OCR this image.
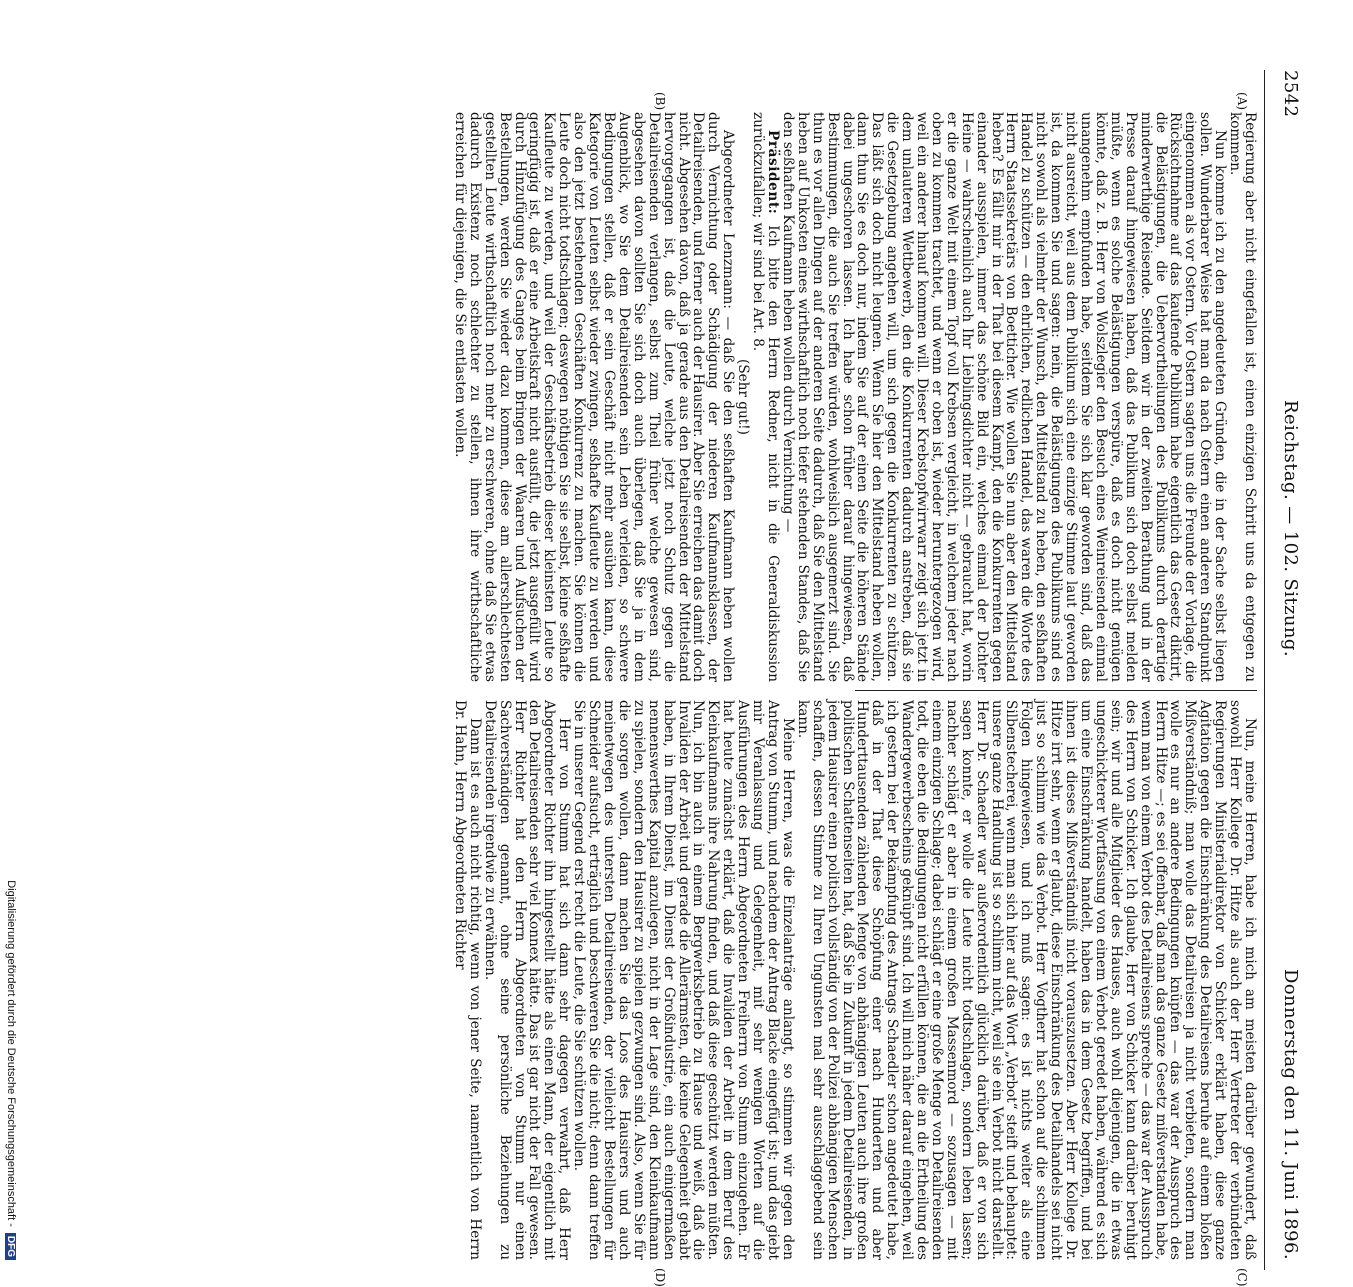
2542
Reichstag. — 102. Sitzung.
Donnerstag den 11. Juni 1896.
(A)
(B)
(C)
(D)

Regierung aber nicht eingefallen ist, einen einzigen Schritt uns da entgegen zu kommen.

Nun komme ich zu den angedeuteten Gründen, die in der Sache selbst liegen sollen. Wunderbarer Weise hat man da nach Ostern einen anderen Standpunkt eingenommen als vor Ostern. Vor Ostern sagten uns die Freunde der Vorlage, die Rücksichtnahme auf das kaufende Publikum habe eigentlich das Gesetz diktirt, die Belästigungen, die Uebervortheilungen des Publikums durch derartige minderwerthige Reisende. Seitdem wir in der zweiten Berathung und in der Presse darauf hingewiesen haben, daß das Publikum sich doch selbst melden müßte, wenn es solche Belästigungen verspüre, daß es doch nicht genügen könnte, daß z. B. Herr von Wolszlegier den Besuch eines Weinreisenden einmal unangenehm empfunden habe, seitdem Sie sich klar geworden sind, daß das nicht ausreicht, weil aus dem Publikum sich eine einzige Stimme laut geworden ist, da kommen Sie und sagen: nein, die Belästigungen des Publikums sind es nicht sowohl als vielmehr der Wunsch, den Mittelstand zu heben, den seßhaften Handel zu schützen — den ehrlichen, redlichen Handel, das waren die Worte des Herrn Staatssekretärs von Boetticher. Wie wollen Sie nun aber den Mittelstand heben? Es fällt mir in der That bei diesem Kampf, den die Konkurrenten gegen einander ausspielen, immer das schöne Bild ein, welches einmal der Dichter Heine — wahrscheinlich auch Ihr Lieblingsdichter nicht — gebraucht hat, worin er die ganze Welt mit einem Topf voll Krebsen vergleicht, in welchem jeder nach oben zu kommen trachtet, und wenn er oben ist, wieder heruntergezogen wird, weil ein anderer hinauf kommen will. Dieser Krebstopfwirrwarr zeigt sich jetzt in dem unlauteren Wettbewerb, den die Konkurrenten dadurch anstreben, daß sie die Gesetzgebung angehen will, um sich gegen die Konkurrenten zu schützen. Das läßt sich doch nicht leugnen. Wenn Sie hier den Mittelstand heben wollen, dann thun Sie es doch nur, indem Sie auf der einen Seite die höheren Stände dabei ungeschoren lassen. Ich habe schon früher darauf hingewiesen, daß Bestimmungen, die auch Sie treffen würden, wohlweislich ausgemerzt sind. Sie thun es vor allen Dingen auf der anderen Seite dadurch, daß Sie den Mittelstand heben auf Unkosten eines wirthschaftlich noch tiefer stehenden Standes, daß Sie den seßhaften Kaufmann heben wollen durch Vernichtung —

Präsident: Ich bitte den Herrn Redner, nicht in die Generaldiskussion zurückzufallen; wir sind bei Art. 8.

(Sehr gut!)

Abgeordneter Lenzmann: — daß Sie den seßhaften Kaufmann heben wollen durch Vernichtung oder Schädigung der niederen Kaufmannsklassen, der Detailreisenden, und ferner auch der Hausirer. Aber Sie erreichen das damit doch nicht. Abgesehen davon, daß ja gerade aus den Detailreisenden der Mittelstand hervorgegangen ist, daß die Leute, welche jetzt noch Schutz gegen die Detailreisenden verlangen, selbst zum Theil früher welche gewesen sind, abgesehen davon sollten Sie sich doch auch überlegen, daß Sie ja in dem Augenblick, wo Sie dem Detailreisenden sein Leben verleiden, so schwere Bedingungen stellen, daß er sein Geschäft nicht mehr ausüben kann, diese Kategorie von Leuten selbst wieder zwingen, seßhafte Kaufleute zu werden und also den jetzt bestehenden Geschäften Konkurrenz zu machen. Sie können die Leute doch nicht todtschlagen; deswegen nöthigen Sie sie selbst, kleine seßhafte Kaufleute zu werden, und weil der Geschäftsbetrieb dieser kleinsten Leute so geringfügig ist, daß er eine Arbeitskraft nicht ausfüllt, die jetzt ausgefüllt wird durch Hinzufügung des Ganges beim Bringen der Waaren und Aufsuchen der Bestellungen, werden Sie wieder dazu kommen, diese am allerschlechtesten gestellten Leute wirthschaftlich noch mehr zu erschweren, ohne daß Sie etwas dadurch Existenz noch schlechter zu stellen, ihnen ihre wirthschaftliche erreichen für diejenigen, die Sie entlasten wollen.

Nun, meine Herren, habe ich mich am meisten darüber gewundert, daß sowohl Herr Kollege Dr. Hitze als auch der Herr Vertreter der verbündeten Regierungen Ministerialdirektor von Schicker erklärt haben, diese ganze Agitation gegen die Einschränkung des Detailreisens beruhe auf einem bloßen Mißverständniß; man wolle das Detailreisen ja nicht verbieten, sondern man wolle es nur an andere Bedingungen knüpfen — das war der Ausspruch des Herrn Hitze —; es sei offenbar, daß man das ganze Gesetz mißverstanden habe, wenn man von einem Verbot des Detailreisens spreche — das war der Ausspruch des Herrn von Schicker. Ich glaube, Herr von Schicker kann darüber beruhigt sein; wir und alle Mitglieder des Hauses, auch wohl diejenigen, die in etwas ungeschickterer Wortfassung von einem Verbot geredet haben, während es sich um eine Einschränkung handelt, haben das in dem Gesetz begriffen, und bei ihnen ist dieses Mißverständniß nicht vorauszusetzen. Aber Herr Kollege Dr. Hitze irrt sehr, wenn er glaubt, diese Einschränkung des Detailhandels sei nicht just so schlimm wie das Verbot. Herr Vogtherr hat schon auf die schlimmen Folgen hingewiesen, und ich muß sagen: es ist nichts weiter als eine Silbenstecherei, wenn man sich hier auf das Wort „Verbot“ steift und behauptet: unsere ganze Handlung ist so schlimm nicht, weil sie ein Verbot nicht darstellt. Herr Dr. Schaedler war außerordentlich glücklich darüber, daß er von sich sagen konnte, er wolle die Leute nicht todtschlagen, sondern leben lassen; nachher schlägt er aber in einem großen Massenmord — sozusagen — mit einem einzigen Schlage; dabei schlägt er eine große Menge von Detailreisenden todt, die eben die Bedingungen nicht erfüllen können, die an die Ertheilung des Wandergewerbescheins geknüpft sind. Ich will mich näher darauf eingehen, weil ich gestern bei der Bekämpfung des Antrags Schaedler schon angedeutet habe, daß in der That diese Schöpfung einer nach Hunderten und aber Hunderttausenden zählenden Menge von abhängigen Leuten auch ihre großen politischen Schattenseiten hat, daß Sie in Zukunft in jedem Detailreisenden, in jedem Hausirer einen politisch vollständig von der Polizei abhängigen Menschen schaffen, dessen Stimme zu Ihren Ungunsten mal sehr ausschlaggebend sein kann.

Meine Herren, was die Einzelanträge anlangt, so stimmen wir gegen den Antrag von Stumm, und nachdem der Antrag Blacke eingefügt ist; und das giebt mir Veranlassung und Gelegenheit, mit sehr wenigen Worten auf die Ausführungen des Herrn Abgeordneten Freiherrn von Stumm einzugehen. Er hat heute zunächst erklärt, daß die Invaliden der Arbeit in dem Beruf des Kleinkaufmanns ihre Nahrung finden, und daß diese geschützt werden müßten. Nun, ich bin auch in einem Bergwerksbetrieb zu Hause und weiß, daß die Invaliden der Arbeit und gerade die Allerärmsten, die keine Gelegenheit gehabt haben, in Ihrem Dienst, im Dienst der Großindustrie, ein auch einigermaßen nennenswerthes Kapital anzulegen, nicht in der Lage sind, den Kleinkaufmann zu spielen, sondern den Hausirer zu spielen gezwungen sind. Also, wenn Sie für die sorgen wollen, dann machen Sie das Loos des Hausirers und auch meinetwegen des untersten Detailreisenden, der vielleicht Bestellungen für Schneider aufsucht, erträglich und beschweren Sie die nicht; denn dann treffen Sie in unserer Gegend erst recht die Leute, die Sie schützen wollen.

Herr von Stumm hat sich dann sehr dagegen verwahrt, daß Herr Abgeordneter Richter ihn hingestellt hätte als einen Mann, der eigentlich mit den Detailreisenden sehr viel Konnex hätte. Das ist gar nicht der Fall gewesen. Herr Richter hat den Herrn Abgeordneten von Stumm nur einen Sachverständigen genannt, ohne seine persönliche Beziehungen zu Detailreisenden irgendwie zu erwähnen.

Dann ist es auch nicht richtig, wenn von jener Seite, namentlich von Herrn Dr. Hahn, Herrn Abgeordneten Richter

Digitalisierung gefördert durch die Deutsche Forschungsgemeinschaft -DFG
